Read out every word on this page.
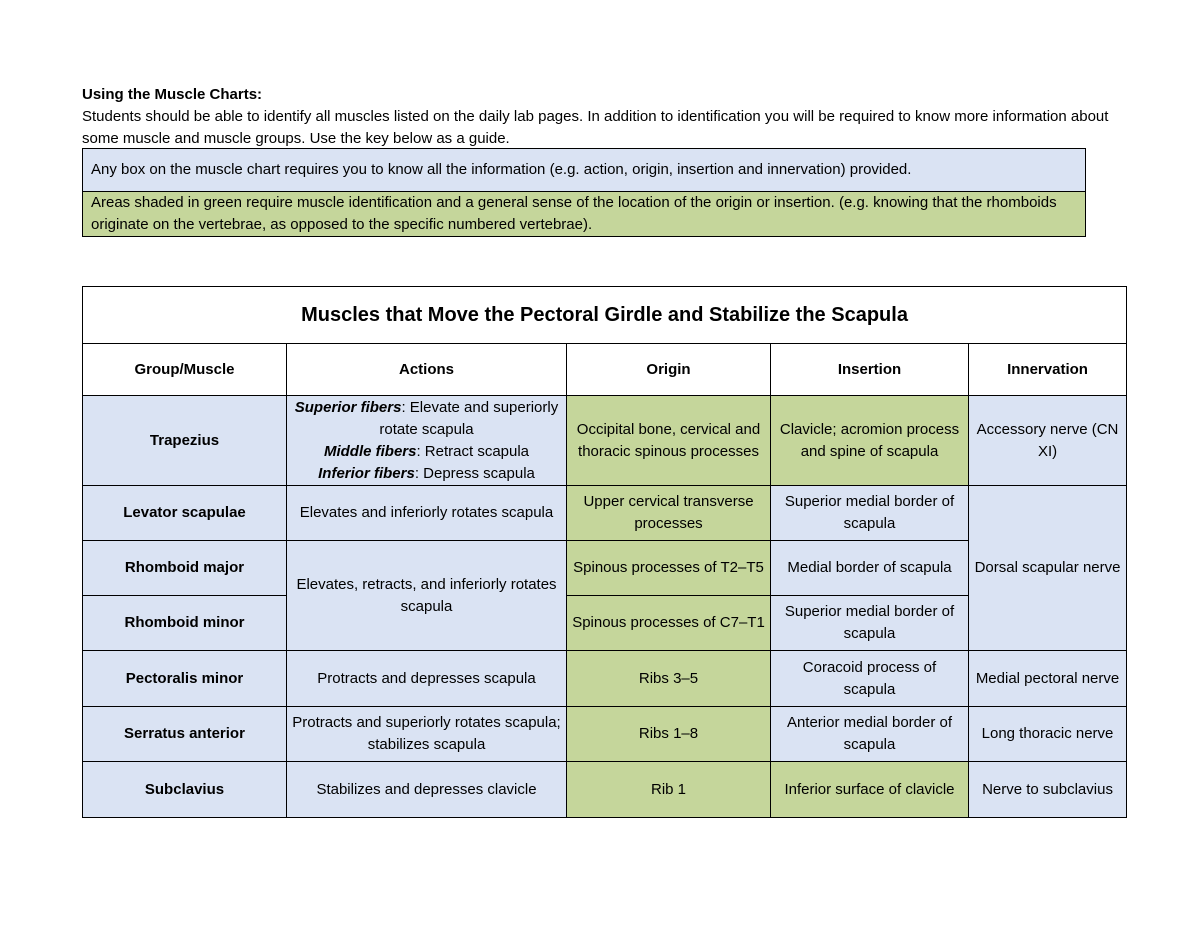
Using the Muscle Charts:
Students should be able to identify all muscles listed on the daily lab pages. In addition to identification you will be required to know more information about some muscle and muscle groups. Use the key below as a guide.
Any box on the muscle chart requires you to know all the information (e.g. action, origin, insertion and innervation) provided.
Areas shaded in green require muscle identification and a general sense of the location of the origin or insertion. (e.g. knowing that the rhomboids originate on the vertebrae, as opposed to the specific numbered vertebrae).
Muscles that Move the Pectoral Girdle and Stabilize the Scapula				
Group/Muscle	Actions	Origin	Insertion	Innervation
Trapezius	Superior fibers: Elevate and superiorly rotate scapula
Middle fibers: Retract scapula
Inferior fibers: Depress scapula	Occipital bone, cervical and thoracic spinous processes	Clavicle; acromion process and spine of scapula	Accessory nerve (CN XI)
Levator scapulae	Elevates and inferiorly rotates scapula	Upper cervical transverse processes	Superior medial border of scapula	Dorsal scapular nerve
Rhomboid major	Elevates, retracts, and inferiorly rotates scapula	Spinous processes of T2–T5	Medial border of scapula	
Rhomboid minor		Spinous processes of C7–T1	Superior medial border of scapula	
Pectoralis minor	Protracts and depresses scapula	Ribs 3–5	Coracoid process of scapula	Medial pectoral nerve
Serratus anterior	Protracts and superiorly rotates scapula; stabilizes scapula	Ribs 1–8	Anterior medial border of scapula	Long thoracic nerve
Subclavius	Stabilizes and depresses clavicle	Rib 1	Inferior surface of clavicle	Nerve to subclavius
